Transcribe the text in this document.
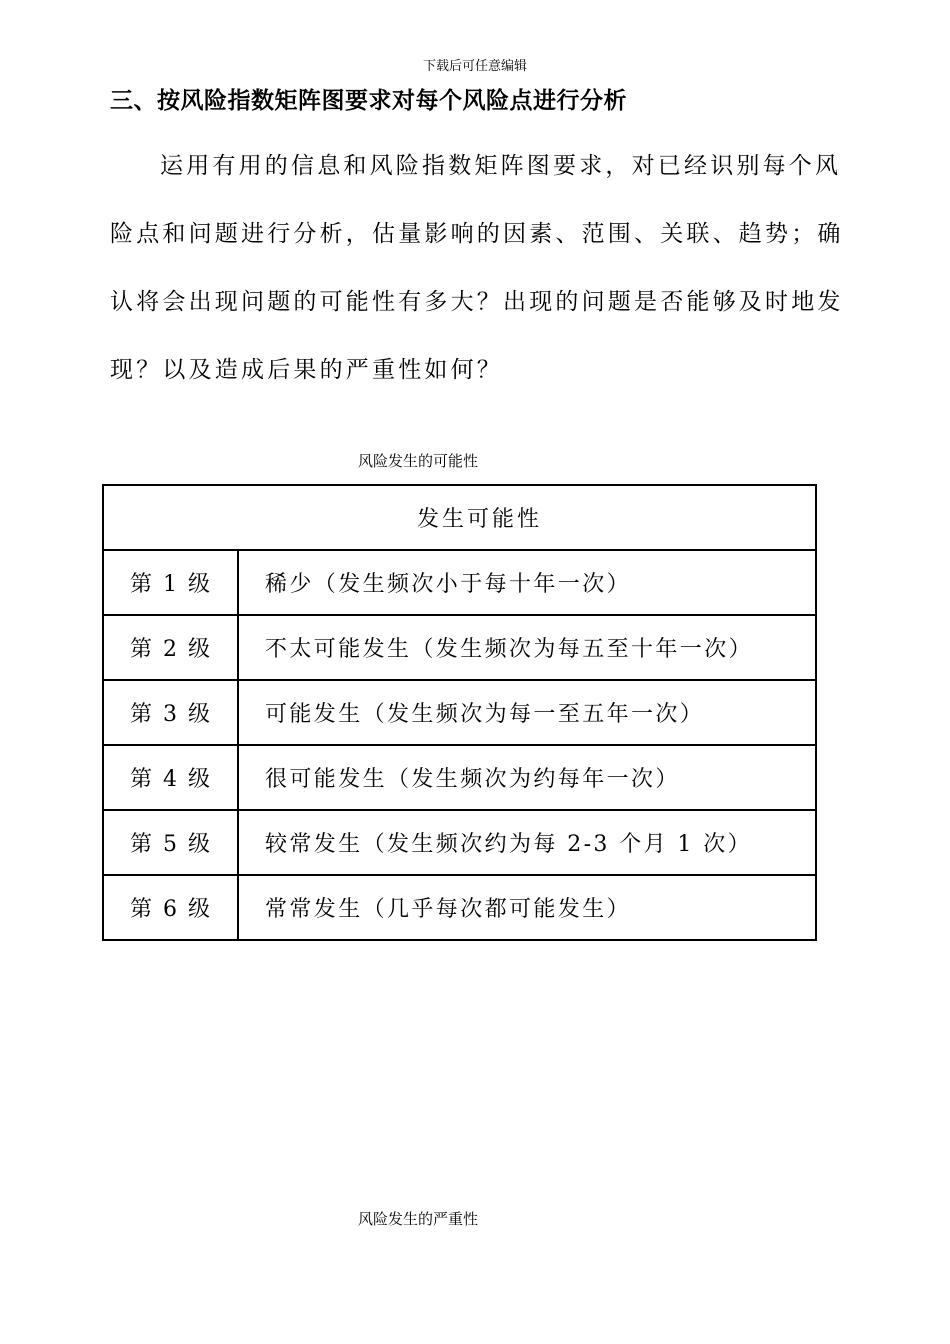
下载后可任意编辑
三、按风险指数矩阵图要求对每个风险点进行分析
运用有用的信息和风险指数矩阵图要求，对已经识别每个风
险点和问题进行分析，估量影响的因素、范围、关联、趋势；确
认将会出现问题的可能性有多大？出现的问题是否能够及时地发
现？以及造成后果的严重性如何？
风险发生的可能性
发生可能性	
第 1 级	稀少（发生频次小于每十年一次）
第 2 级	不太可能发生（发生频次为每五至十年一次）
第 3 级	可能发生（发生频次为每一至五年一次）
第 4 级	很可能发生（发生频次为约每年一次）
第 5 级	较常发生（发生频次约为每 2-3 个月 1 次）
第 6 级	常常发生（几乎每次都可能发生）
风险发生的严重性
